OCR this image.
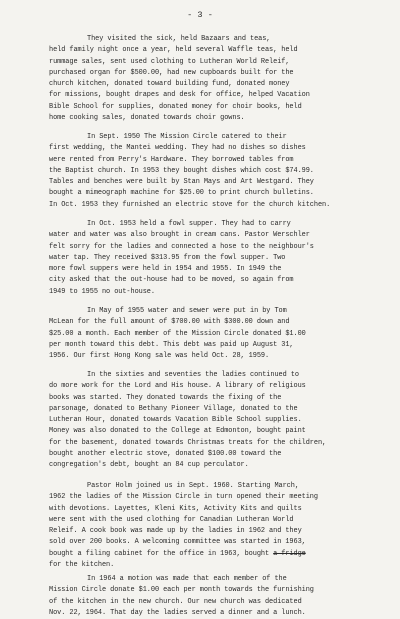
- 3 -
They visited the sick, held Bazaars and teas,
held family night once a year, held several Waffle teas, held
rummage sales, sent used clothing to Lutheran World Releif,
purchased organ for $500.00, had new cupboards built for the
church kitchen, donated toward building fund, donated money
for missions, bought drapes and desk for office, helped Vacation
Bible School for supplies, donated money for choir books, held
home cooking sales, donated towards choir gowns.
In Sept. 1950 The Mission Circle catered to their
first wedding, the Mantei wedding. They had no dishes so dishes
were rented from Perry's Hardware. They borrowed tables from
the Baptist church. In 1953 they bought dishes which cost $74.99.
Tables and benches were built by Stan Mays and Art Westgard. They
bought a mimeograph machine for $25.00 to print church bulletins.
In Oct. 1953 they furnished an electric stove for the church kitchen.
In Oct. 1953 held a fowl supper. They had to carry
water and water was also brought in cream cans. Pastor Werschler
felt sorry for the ladies and connected a hose to the neighbour's
water tap. They received $313.95 from the fowl supper. Two
more fowl suppers were held in 1954 and 1955. In 1949 the
city asked that the out-house had to be moved, so again from
1949 to 1955 no out-house.
In May of 1955 water and sewer were put in by Tom
McLean for the full amount of $700.00 with $300.00 down and
$25.00 a month. Each member of the Mission Circle donated $1.00
per month toward this debt. This debt was paid up August 31,
1956. Our first Hong Kong sale was held Oct. 28, 1959.
In the sixties and seventies the ladies continued to
do more work for the Lord and His house. A library of religious
books was started. They donated towards the fixing of the
parsonage, donated to Bethany Pioneer Village, donated to the
Lutheran Hour, donated towards Vacation Bible School supplies.
Money was also donated to the College at Edmonton, bought paint
for the basement, donated towards Christmas treats for the children,
bought another electric stove, donated $100.00 toward the
congregation's debt, bought an 84 cup perculator.
Pastor Holm joined us in Sept. 1960. Starting March,
1962 the ladies of the Mission Circle in turn opened their meeting
with devotions. Layettes, Kleni Kits, Activity Kits and quilts
were sent with the used clothing for Canadian Lutheran World
Releif. A cook book was made up by the ladies in 1962 and they
sold over 200 books. A welcoming committee was started in 1963,
bought a filing cabinet for the office in 1963, bought a fridge
for the kitchen.
In 1964 a motion was made that each member of the
Mission Circle donate $1.00 each per month towards the furnishing
of the kitchen in the new church. Our new church was dedicated
Nov. 22, 1964. That day the ladies served a dinner and a lunch.
